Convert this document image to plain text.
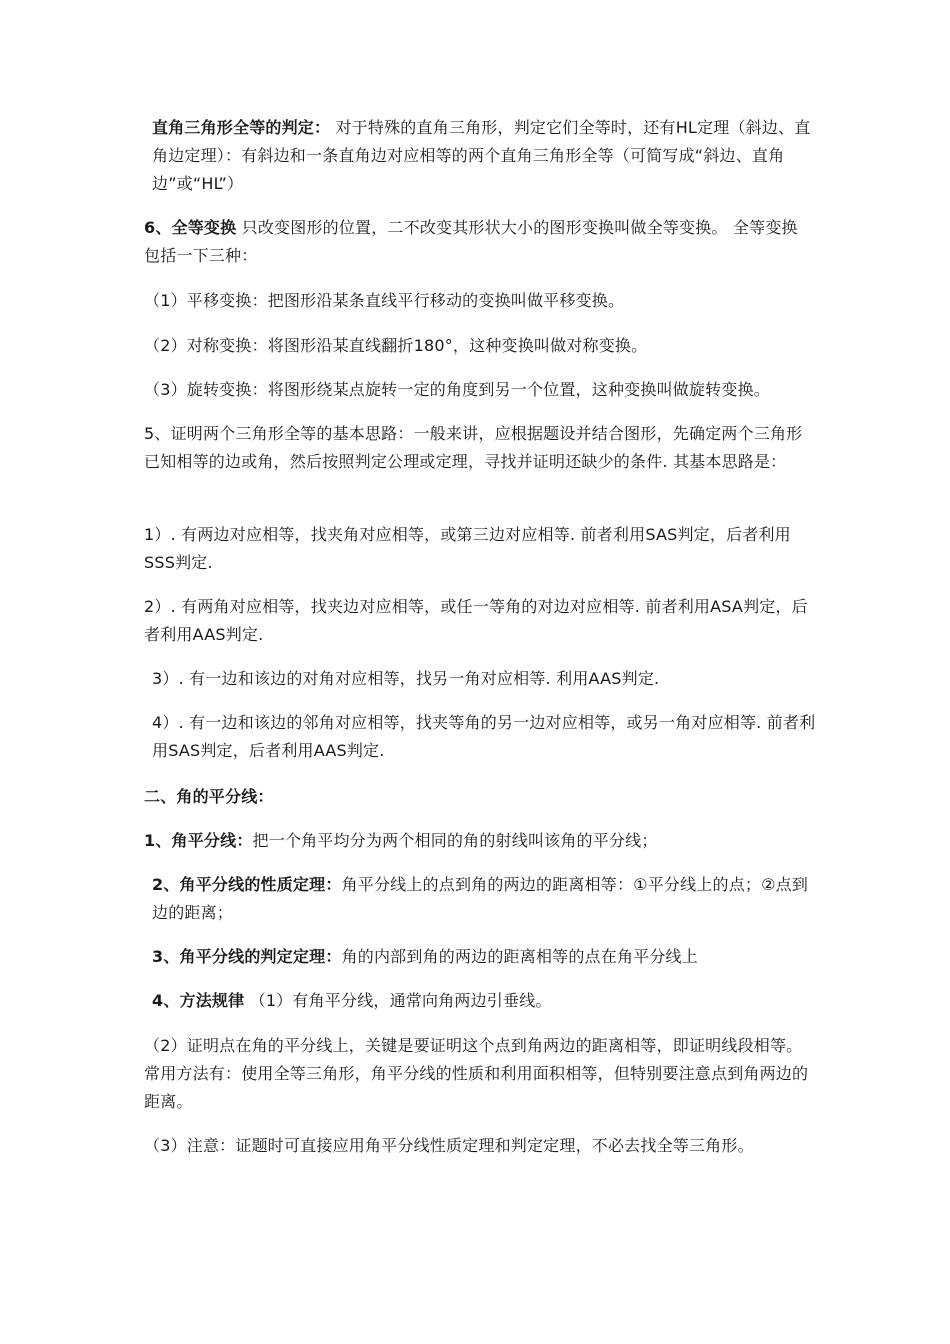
直角三角形全等的判定： 对于特殊的直角三角形，判定它们全等时，还有HL定理（斜边、直角边定理）：有斜边和一条直角边对应相等的两个直角三角形全等（可简写成“斜边、直角边”或“HL”）

6、全等变换 只改变图形的位置，二不改变其形状大小的图形变换叫做全等变换。 全等变换包括一下三种：

（1）平移变换：把图形沿某条直线平行移动的变换叫做平移变换。

（2）对称变换：将图形沿某直线翻折180°，这种变换叫做对称变换。

（3）旋转变换：将图形绕某点旋转一定的角度到另一个位置，这种变换叫做旋转变换。

5、证明两个三角形全等的基本思路：一般来讲，应根据题设并结合图形，先确定两个三角形已知相等的边或角，然后按照判定公理或定理，寻找并证明还缺少的条件. 其基本思路是：

1）. 有两边对应相等，找夹角对应相等，或第三边对应相等. 前者利用SAS判定，后者利用SSS判定.

2）. 有两角对应相等，找夹边对应相等，或任一等角的对边对应相等. 前者利用ASA判定，后者利用AAS判定.

3）. 有一边和该边的对角对应相等，找另一角对应相等. 利用AAS判定.

4）. 有一边和该边的邻角对应相等，找夹等角的另一边对应相等，或另一角对应相等. 前者利用SAS判定，后者利用AAS判定.

二、角的平分线：

1、角平分线：把一个角平均分为两个相同的角的射线叫该角的平分线；

2、角平分线的性质定理：角平分线上的点到角的两边的距离相等：①平分线上的点；②点到边的距离；

3、角平分线的判定定理：角的内部到角的两边的距离相等的点在角平分线上

4、方法规律 （1）有角平分线，通常向角两边引垂线。

（2）证明点在角的平分线上，关键是要证明这个点到角两边的距离相等，即证明线段相等。常用方法有：使用全等三角形，角平分线的性质和利用面积相等，但特别要注意点到角两边的距离。

（3）注意：证题时可直接应用角平分线性质定理和判定定理，不必去找全等三角形。
